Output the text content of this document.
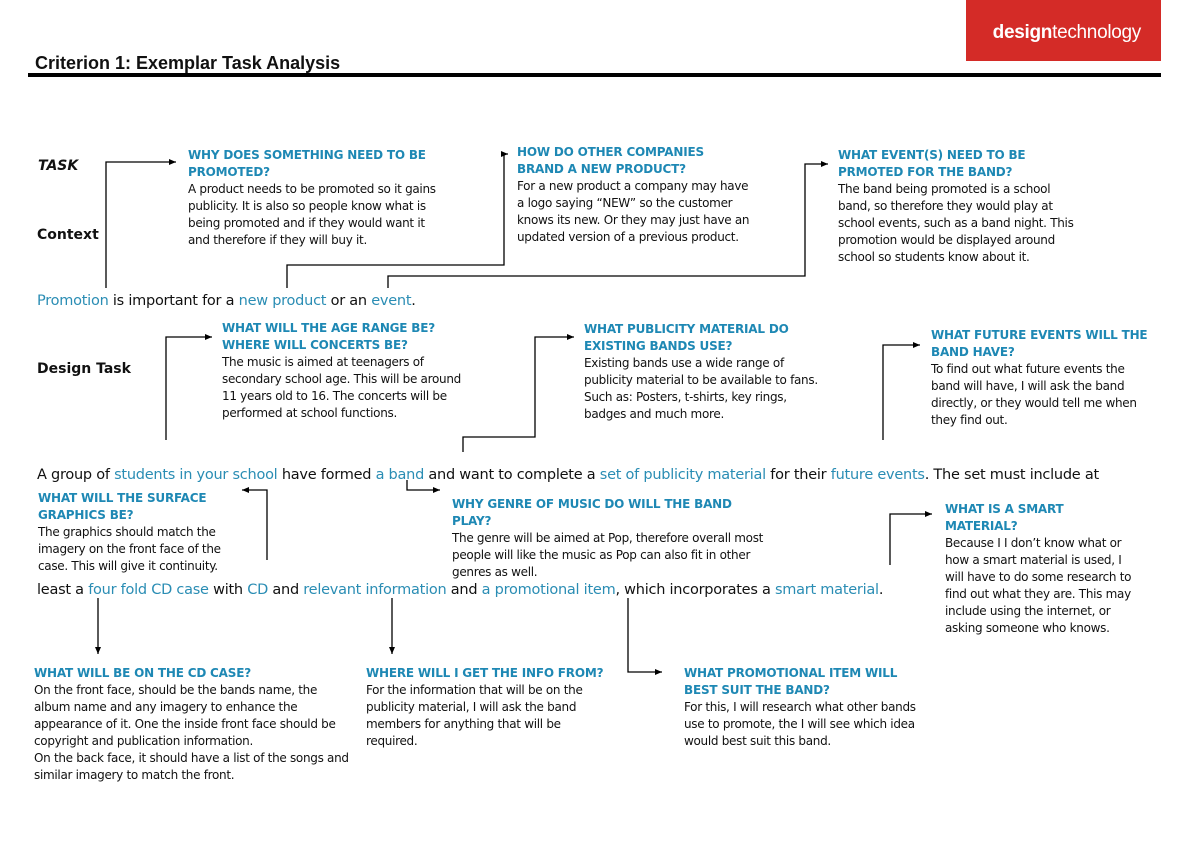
designtechnology
Criterion 1: Exemplar Task Analysis
TASK
Context
Design Task
WHY DOES SOMETHING NEED TO BE PROMOTED?
A product needs to be promoted so it gains publicity. It is also so people know what is being promoted and if they would want it and therefore if they will buy it.
HOW DO OTHER COMPANIES BRAND A NEW PRODUCT?
For a new product a company may have a logo saying “NEW” so the customer knows its new. Or they may just have an updated version of a previous product.
WHAT EVENT(S) NEED TO BE PRMOTED FOR THE BAND?
The band being promoted is a school band, so therefore they would play at school events, such as a band night. This promotion would be displayed around school so students know about it.
Promotion is important for a new product or an event.
WHAT WILL THE AGE RANGE BE? WHERE WILL CONCERTS BE?
The music is aimed at teenagers of secondary school age. This will be around 11 years old to 16. The concerts will be performed at school functions.
WHAT PUBLICITY MATERIAL DO EXISTING BANDS USE?
Existing bands use a wide range of publicity material to be available to fans. Such as: Posters, t-shirts, key rings, badges and much more.
WHAT FUTURE EVENTS WILL THE BAND HAVE?
To find out what future events the band will have, I will ask the band directly, or they would tell me when they find out.
A group of students in your school have formed a band and want to complete a set of publicity material for their future events. The set must include at
WHAT WILL THE SURFACE GRAPHICS BE?
The graphics should match the imagery on the front face of the case. This will give it continuity.
WHY GENRE OF MUSIC DO WILL THE BAND PLAY?
The genre will be aimed at Pop, therefore overall most people will like the music as Pop can also fit in other genres as well.
WHAT IS A SMART MATERIAL?
Because I I don’t know what or how a smart material is used, I will have to do some research to find out what they are. This may include using the internet, or asking someone who knows.
least a four fold CD case with CD and relevant information and a promotional item, which incorporates a smart material.
WHAT WILL BE ON THE CD CASE?
On the front face, should be the bands name, the album name and any imagery to enhance the appearance of it. One the inside front face should be copyright and publication information.
On the back face, it should have a list of the songs and similar imagery to match the front.
WHERE WILL I GET THE INFO FROM?
For the information that will be on the publicity material, I will ask the band members for anything that will be required.
WHAT PROMOTIONAL ITEM WILL BEST SUIT THE BAND?
For this, I will research what other bands use to promote, the I will see which idea would best suit this band.
